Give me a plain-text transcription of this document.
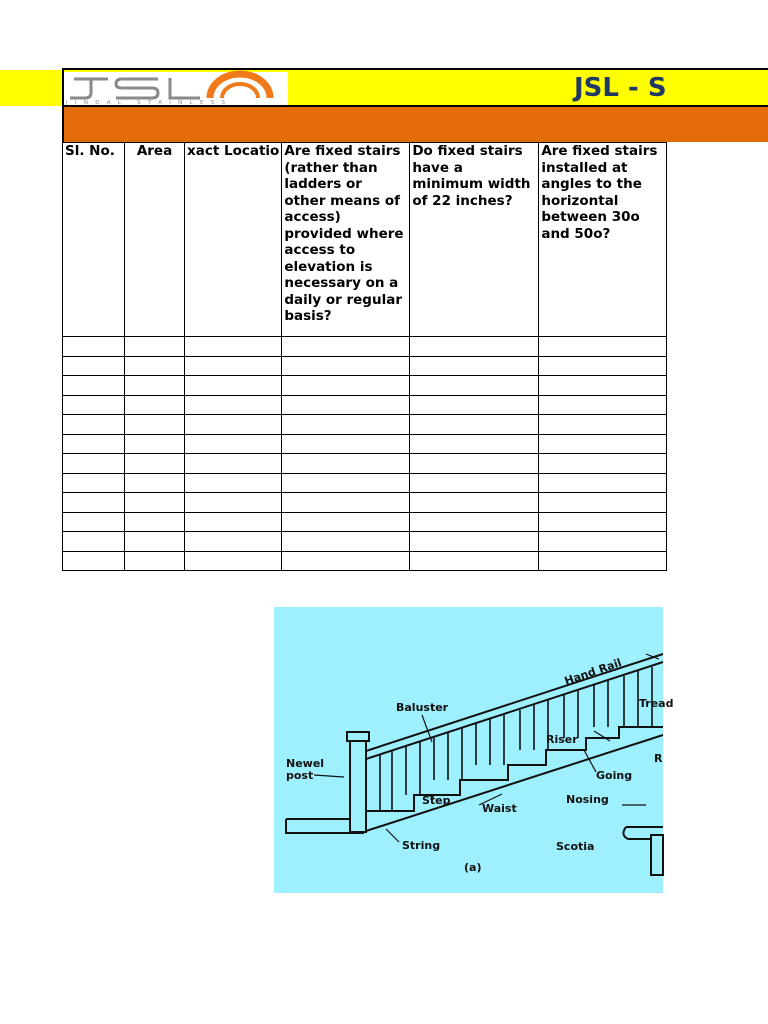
JINDAL STAINLESS	JSL - S
Sl. No.	Area	xact Locatio	Are fixed stairs (rather than ladders or other means of access) provided where access to elevation is necessary on a daily or regular basis?	Do fixed stairs have a minimum width of 22 inches?	Are fixed stairs installed at angles to the horizontal between 30o and 50o?

Hand Rail
Baluster	Tread
Riser
R
Step
Waist
Going
Nosing
String	Scotia
(a)
Newel
post
